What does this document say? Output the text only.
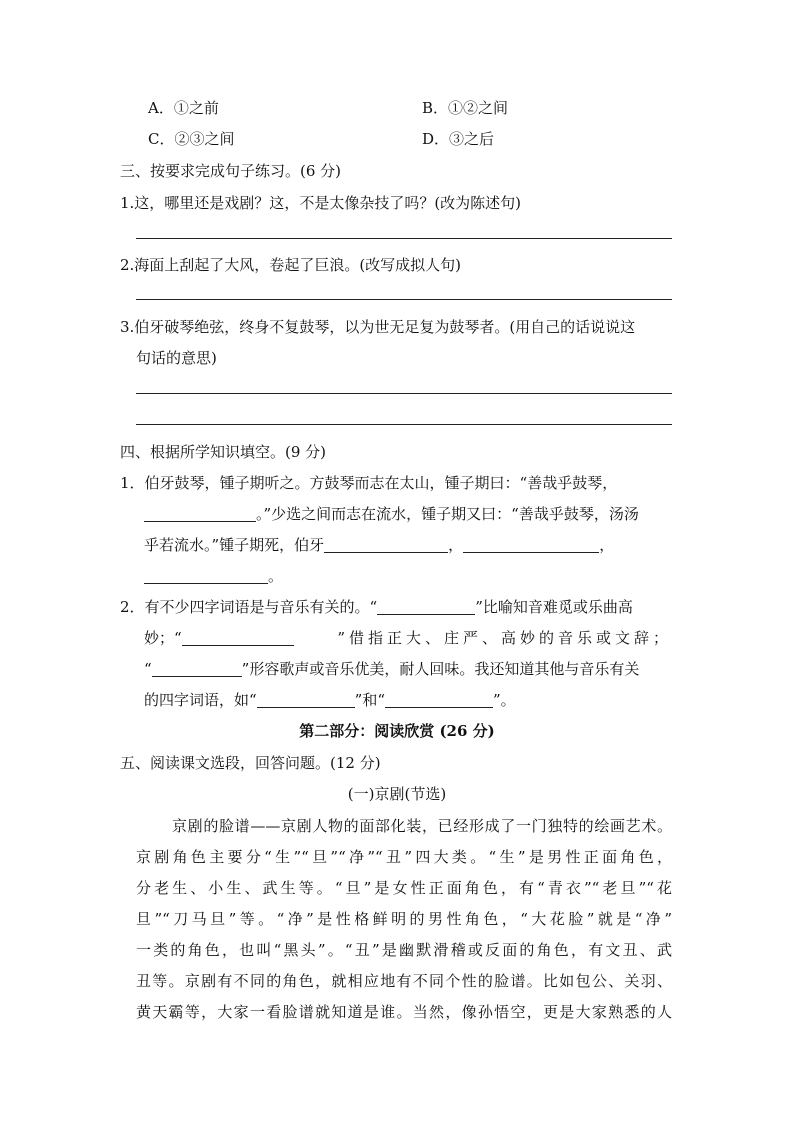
A．①之前	B．①②之间
C．②③之间	D．③之后
三、按要求完成句子练习。(6 分)
1.这，哪里还是戏剧？这，不是太像杂技了吗？(改为陈述句)
2.海面上刮起了大风，卷起了巨浪。(改写成拟人句)
3.伯牙破琴绝弦，终身不复鼓琴，以为世无足复为鼓琴者。(用自己的话说说这
句话的意思)
四、根据所学知识填空。(9 分)
1．伯牙鼓琴，锺子期听之。方鼓琴而志在太山，锺子期曰：“善哉乎鼓琴，
。”少选之间而志在流水，锺子期又曰：“善哉乎鼓琴，汤汤
乎若流水。”锺子期死，伯牙	，	，
。
2．有不少四字词语是与音乐有关的。“	”比喻知音难觅或乐曲高
妙；“	”借指正大、庄严、高妙的音乐或文辞；
“	”形容歌声或音乐优美，耐人回味。我还知道其他与音乐有关
的四字词语，如“	”和“	”。
第二部分：阅读欣赏 (26 分)
五、阅读课文选段，回答问题。(12 分)
(一)京剧(节选)
京剧的脸谱——京剧人物的面部化装，已经形成了一门独特的绘画艺术。
京剧角色主要分“生”“旦”“净”“丑”四大类。“生”是男性正面角色，
分老生、小生、武生等。“旦”是女性正面角色，有“青衣”“老旦”“花
旦”“刀马旦”等。“净”是性格鲜明的男性角色，“大花脸”就是“净”
一类的角色，也叫“黑头”。“丑”是幽默滑稽或反面的角色，有文丑、武
丑等。京剧有不同的角色，就相应地有不同个性的脸谱。比如包公、关羽、
黄天霸等，大家一看脸谱就知道是谁。当然，像孙悟空，更是大家熟悉的人
